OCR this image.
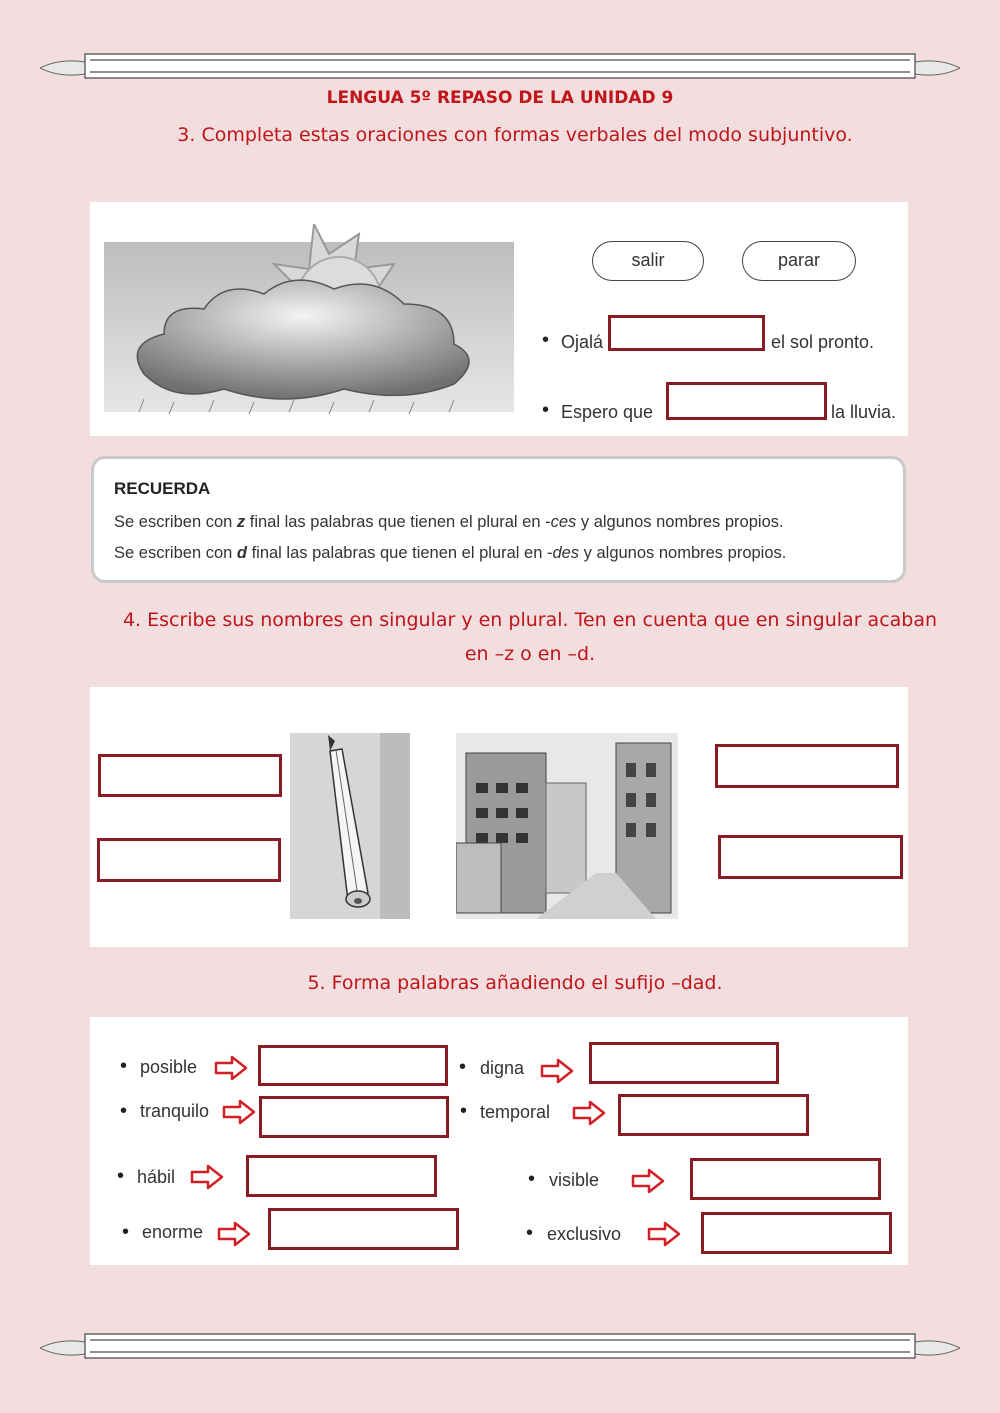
LENGUA 5º REPASO DE LA UNIDAD 9
3. Completa estas oraciones con formas verbales del modo subjuntivo.
salir	parar
• Ojalá	el sol pronto.
• Espero que	la lluvia.
RECUERDA
Se escriben con z final las palabras que tienen el plural en -ces y algunos nombres propios.
Se escriben con d final las palabras que tienen el plural en -des y algunos nombres propios.
4. Escribe sus nombres en singular y en plural. Ten en cuenta que en singular acaban
en –z o en –d.
5. Forma palabras añadiendo el sufijo –dad.
• posible
• tranquilo
• hábil
• enorme
• digna
• temporal
• visible
• exclusivo
